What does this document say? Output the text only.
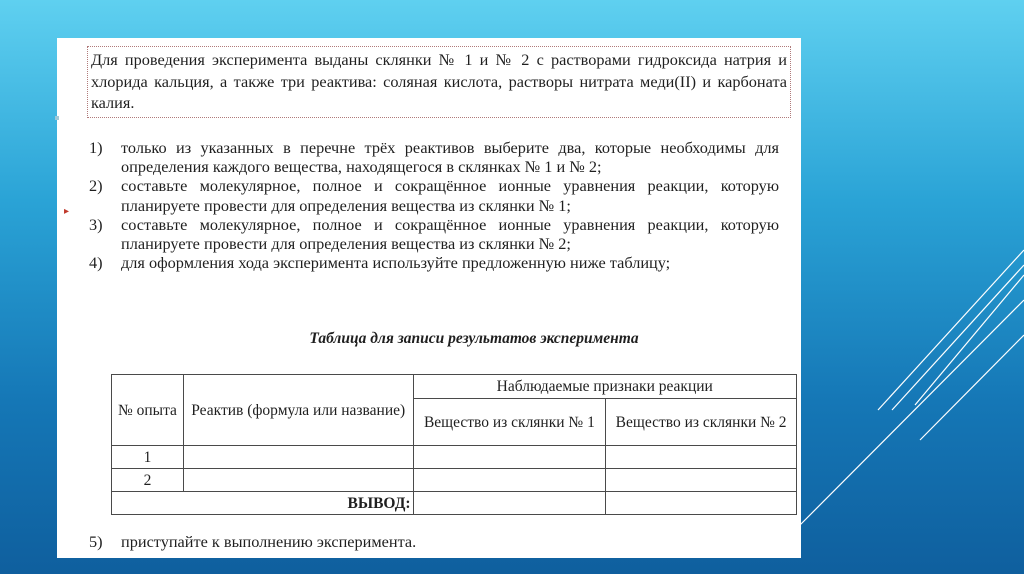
▸
Для проведения эксперимента выданы склянки № 1 и № 2 с растворами гидроксида натрия и хлорида кальция, а также три реактива: соляная кислота, растворы нитрата меди(II) и карбоната калия.
1) только из указанных в перечне трёх реактивов выберите два, которые необходимы для определения каждого вещества, находящегося в склянках № 1 и № 2;
2) составьте молекулярное, полное и сокращённое ионные уравнения реакции, которую планируете провести для определения вещества из склянки № 1;
3) составьте молекулярное, полное и сокращённое ионные уравнения реакции, которую планируете провести для определения вещества из склянки № 2;
4) для оформления хода эксперимента используйте предложенную ниже таблицу;
Таблица для записи результатов эксперимента
№ опыта	Реактив (формула или название)	Наблюдаемые признаки реакции	
		Вещество из склянки № 1	Вещество из склянки № 2
1			
2			
ВЫВОД:			
5) приступайте к выполнению эксперимента.
